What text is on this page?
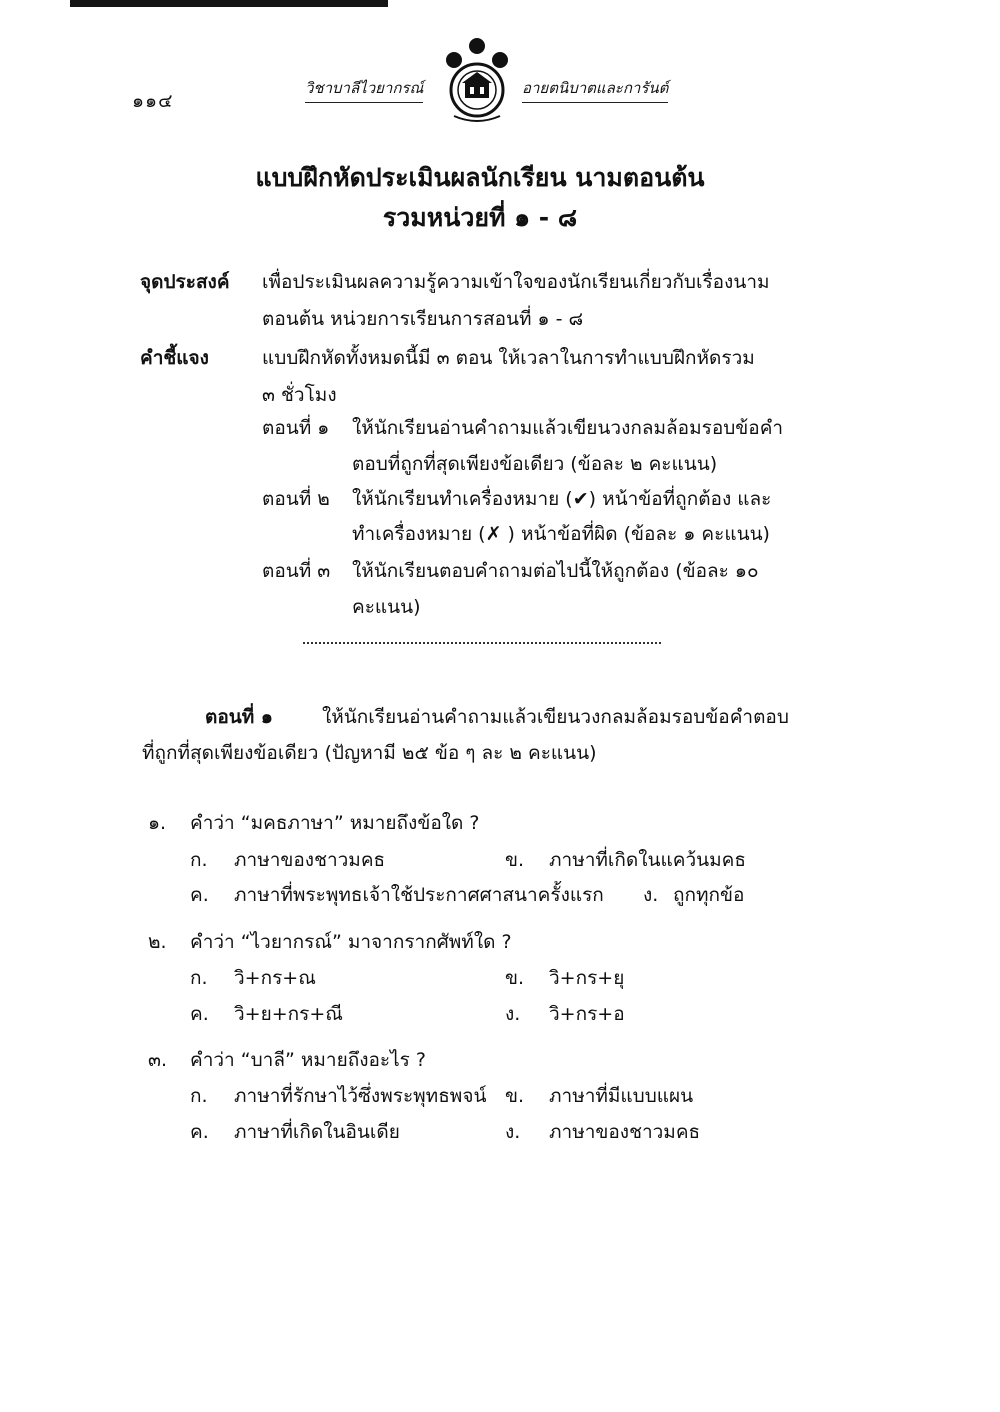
๑๑๔
วิชาบาลีไวยากรณ์	อายตนิบาตและการันต์
แบบฝึกหัดประเมินผลนักเรียน นามตอนต้น
รวมหน่วยที่ ๑ - ๘
จุดประสงค์ เพื่อประเมินผลความรู้ความเข้าใจของนักเรียนเกี่ยวกับเรื่องนาม
ตอนต้น หน่วยการเรียนการสอนที่ ๑ - ๘
คำชี้แจง	แบบฝึกหัดทั้งหมดนี้มี ๓ ตอน ให้เวลาในการทำแบบฝึกหัดรวม
๓ ชั่วโมง
ตอนที่ ๑ ให้นักเรียนอ่านคำถามแล้วเขียนวงกลมล้อมรอบข้อคำ
ตอบที่ถูกที่สุดเพียงข้อเดียว (ข้อละ ๒ คะแนน)
ตอนที่ ๒ ให้นักเรียนทำเครื่องหมาย (✔) หน้าข้อที่ถูกต้อง และ
ทำเครื่องหมาย (✗ ) หน้าข้อที่ผิด (ข้อละ ๑ คะแนน)
ตอนที่ ๓ ให้นักเรียนตอบคำถามต่อไปนี้ให้ถูกต้อง (ข้อละ ๑๐
คะแนน)
ตอนที่ ๑	ให้นักเรียนอ่านคำถามแล้วเขียนวงกลมล้อมรอบข้อคำตอบ
ที่ถูกที่สุดเพียงข้อเดียว (ปัญหามี ๒๕ ข้อ ๆ ละ ๒ คะแนน)
๑. คำว่า “มคธภาษา” หมายถึงข้อใด ?
ก. ภาษาของชาวมคธ	ข. ภาษาที่เกิดในแคว้นมคธ
ค. ภาษาที่พระพุทธเจ้าใช้ประกาศศาสนาครั้งแรก ง. ถูกทุกข้อ
๒. คำว่า “ไวยากรณ์” มาจากรากศัพท์ใด ?
ก. วิ+กร+ณ	ข. วิ+กร+ยุ
ค. วิ+ย+กร+ณี	ง. วิ+กร+อ
๓. คำว่า “บาลี” หมายถึงอะไร ?
ก. ภาษาที่รักษาไว้ซึ่งพระพุทธพจน์ ข. ภาษาที่มีแบบแผน
ค. ภาษาที่เกิดในอินเดีย	ง. ภาษาของชาวมคธ
